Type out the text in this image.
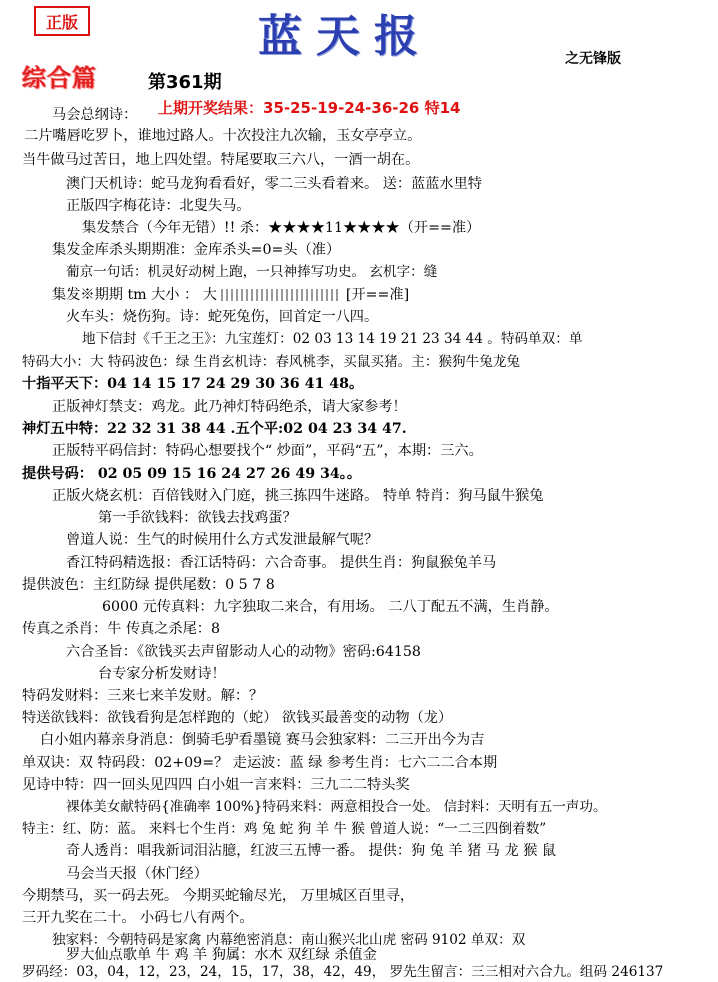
正版	蓝天报	之无锋版
综合篇	第361期
上期开奖结果：35-25-19-24-36-26 特14
马会总纲诗：
二片嘴唇吃罗卜，谁地过路人。十次投注九次输，玉女亭亭立。
当牛做马过苦日，地上四处望。特尾要取三六八，一酒一胡在。
澳门天机诗：蛇马龙狗看看好，零二三头看着来。 送：蓝蓝水里特
正版四字梅花诗：北叟失马。
集发禁合（今年无错）!! 杀：★★★★11★★★★（开==准）
集发金库杀头期期准：金库杀头=0=头（准）
葡京一句话：机灵好动树上跑，一只神捧写功史。 玄机字：缝
集发※期期 tm 大小 ： 大	[开==准]
火车头：烧伤狗。诗：蛇死兔伤，回首定一八四。
地下信封《千王之王》：九宝莲灯：02 03 13 14 19 21 23 34 44 。特码单双：单
特码大小：大 特码波色：绿 生肖玄机诗：春风桃李，买鼠买猪。主：猴狗牛兔龙兔
十指平天下：04 14 15 17 24 29 30 36 41 48。
正版神灯禁支：鸡龙。此乃神灯特码绝杀，请大家参考！
神灯五中特：22 32 31 38 44 .五个平:02 04 23 34 47.
正版特平码信封：特码心想要找个“ 炒面”，平码“五”，本期：三六。
提供号码： 02 05 09 15 16 24 27 26 49 34。。
正版火烧玄机：百倍钱财入门庭，挑三拣四牛迷路。 特单 特肖：狗马鼠牛猴兔
第一手欲钱料：欲钱去找鸡蛋？
曾道人说：生气的时候用什么方式发泄最解气呢？
香江特码精选报：香江话特码：六合奇事。 提供生肖：狗鼠猴兔羊马
提供波色：主红防绿 提供尾数：0 5 7 8
6000 元传真料：九字独取二来合，有用场。 二八丁配五不满，生肖静。
传真之杀肖：牛 传真之杀尾：8
六合圣旨：《欲钱买去声留影动人心的动物》密码:64158
台专家分析发财诗！
特码发财料：三来七来羊发财。解：？
特送欲钱料：欲钱看狗是怎样跑的（蛇） 欲钱买最善变的动物（龙）
白小姐内幕亲身消息：倒骑毛驴看墨镜 赛马会独家料：二三开出今为吉
单双诀：双 特码段：02+09=？ 走运波：蓝 绿 参考生肖：七六二二合本期
见诗中特：四一回头见四四 白小姐一言来料：三九二二特头奖
裸体美女献特码{准确率 100%}特码来料：两意相投合一处。 信封料：天明有五一声功。
特主：红、防：蓝。 来料七个生肖：鸡 兔 蛇 狗 羊 牛 猴 曾道人说：“一二三四倒着数”
奇人透肖：唱我新词泪沾臆，红波三五博一番。 提供：狗 兔 羊 猪 马 龙 猴 鼠
马会当天报（休门经）
今期禁马，买一码去死。 今期买蛇输尽光， 万里城区百里寻，
三开九奖在二十。 小码七八有两个。
独家料：今朝特码是家禽 内幕绝密消息：南山猴兴北山虎 密码 9102 单双：双
罗大仙点歌单 牛 鸡 羊 狗属：水木 双红绿 杀值金
罗码经：03，04，12，23，24，15，17，38，42，49， 罗先生留言：三三相对六合九。组码 246137
